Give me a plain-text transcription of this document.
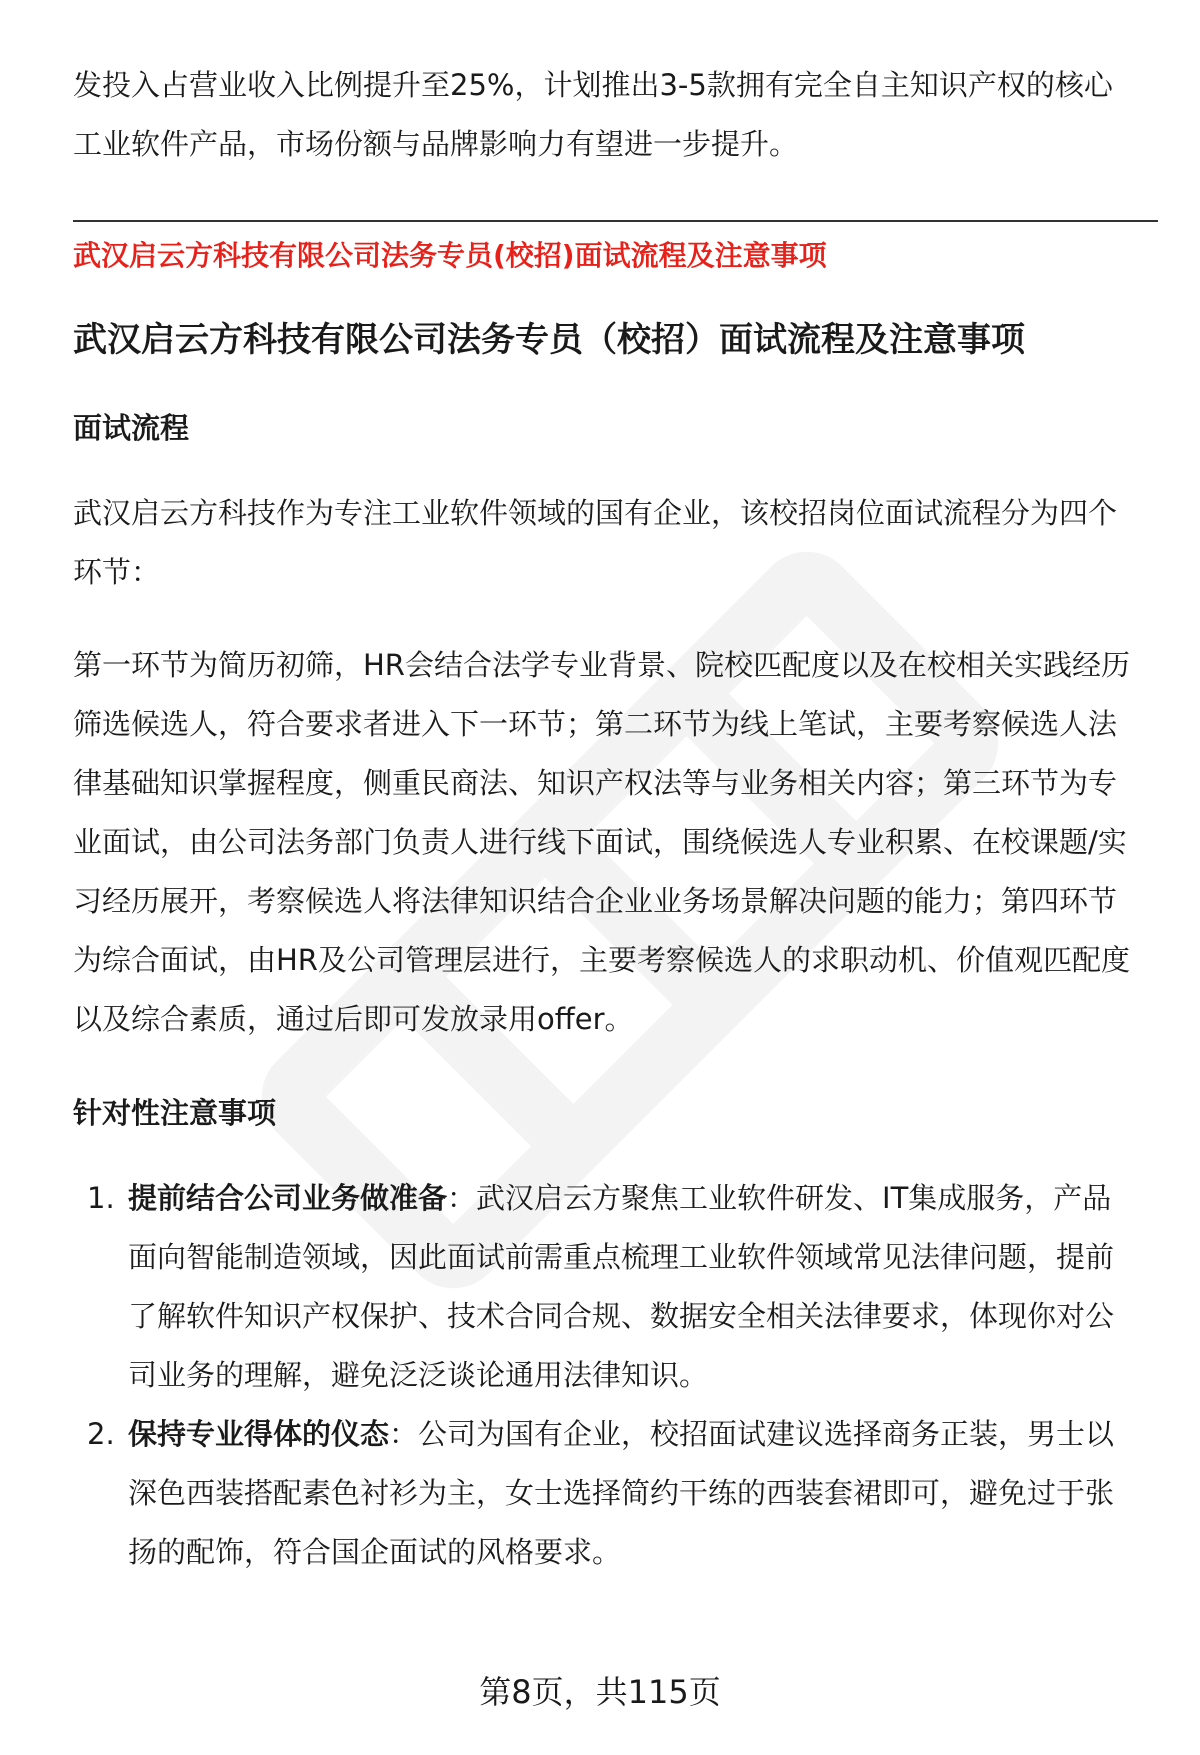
发投入占营业收入比例提升至25%，计划推出3-5款拥有完全自主知识产权的核心工业软件产品，市场份额与品牌影响力有望进一步提升。

武汉启云方科技有限公司法务专员(校招)面试流程及注意事项
武汉启云方科技有限公司法务专员（校招）面试流程及注意事项
面试流程

武汉启云方科技作为专注工业软件领域的国有企业，该校招岗位面试流程分为四个环节：

第一环节为简历初筛，HR会结合法学专业背景、院校匹配度以及在校相关实践经历筛选候选人，符合要求者进入下一环节；第二环节为线上笔试，主要考察候选人法律基础知识掌握程度，侧重民商法、知识产权法等与业务相关内容；第三环节为专业面试，由公司法务部门负责人进行线下面试，围绕候选人专业积累、在校课题/实习经历展开，考察候选人将法律知识结合企业业务场景解决问题的能力；第四环节为综合面试，由HR及公司管理层进行，主要考察候选人的求职动机、价值观匹配度以及综合素质，通过后即可发放录用offer。

针对性注意事项
1. 提前结合公司业务做准备：武汉启云方聚焦工业软件研发、IT集成服务，产品面向智能制造领域，因此面试前需重点梳理工业软件领域常见法律问题，提前了解软件知识产权保护、技术合同合规、数据安全相关法律要求，体现你对公司业务的理解，避免泛泛谈论通用法律知识。
2. 保持专业得体的仪态：公司为国有企业，校招面试建议选择商务正装，男士以深色西装搭配素色衬衫为主，女士选择简约干练的西装套裙即可，避免过于张扬的配饰，符合国企面试的风格要求。
第8页，共115页
